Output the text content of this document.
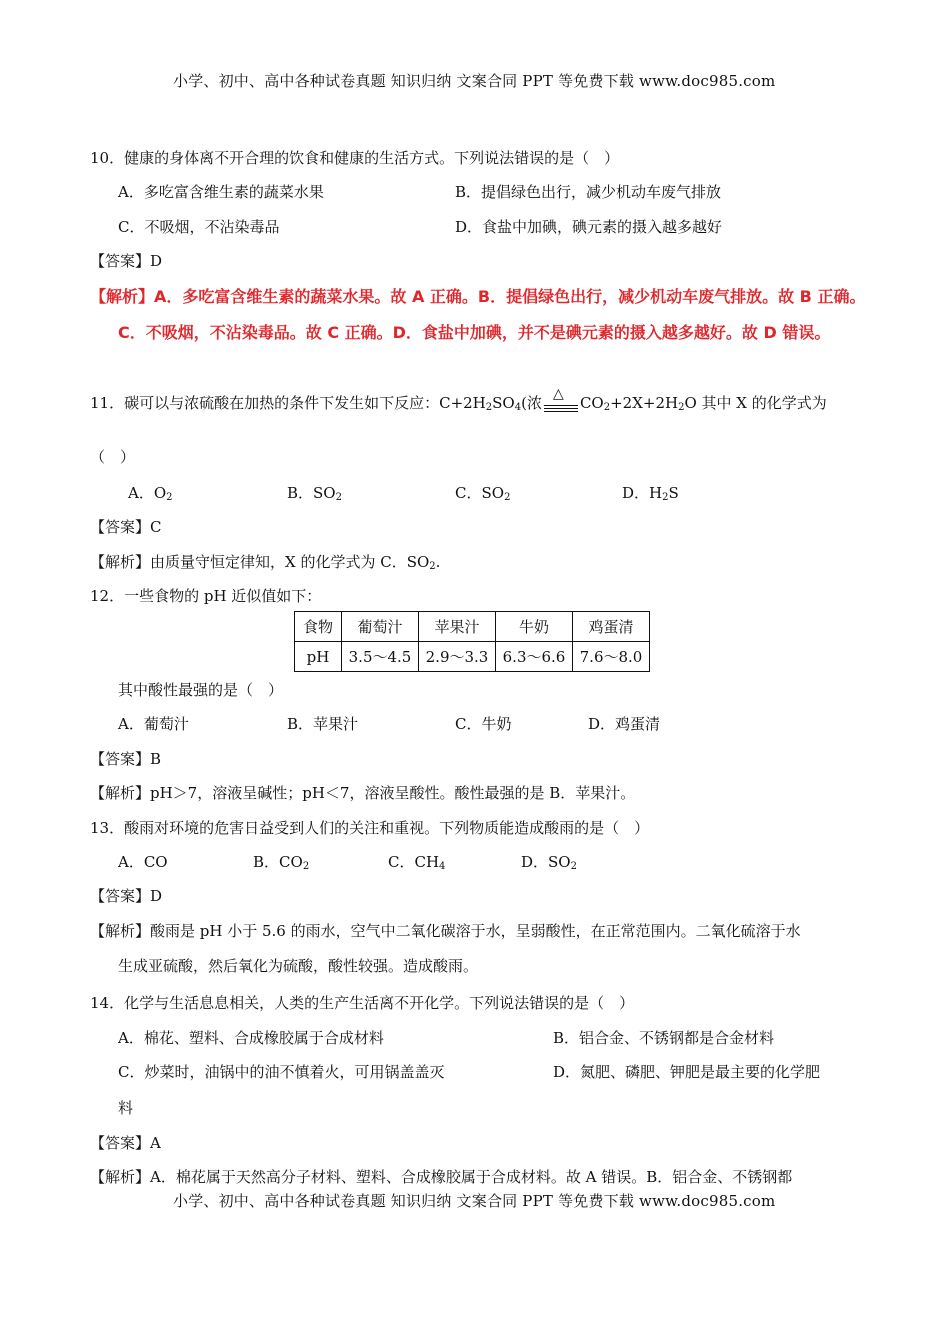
小学、初中、高中各种试卷真题 知识归纳 文案合同 PPT 等免费下载 www.doc985.com
10．健康的身体离不开合理的饮食和健康的生活方式。下列说法错误的是（　）
A．多吃富含维生素的蔬菜水果	B．提倡绿色出行，减少机动车废气排放
C．不吸烟，不沾染毒品	D．食盐中加碘，碘元素的摄入越多越好
【答案】D
【解析】A．多吃富含维生素的蔬菜水果。故 A 正确。B．提倡绿色出行，减少机动车废气排放。故 B 正确。
C．不吸烟，不沾染毒品。故 C 正确。D．食盐中加碘，并不是碘元素的摄入越多越好。故 D 错误。
11．碳可以与浓硫酸在加热的条件下发生如下反应：$C+2H_2SO_4$(浓 △ $CO_2+2X+2H_2O$ 其中 X 的化学式为
（　）
A．$O_2$	B．$SO_2$	C．$SO_2$	D．$H_2S$
【答案】C
【解析】由质量守恒定律知，X 的化学式为 C．$SO_2$.
12．一些食物的 pH 近似值如下：
食物	葡萄汁	苹果汁	牛奶	鸡蛋清
pH	3.5～4.5	2.9～3.3	6.3～6.6	7.6～8.0
其中酸性最强的是（　）
A．葡萄汁	B．苹果汁	C．牛奶	D．鸡蛋清
【答案】B
【解析】pH＞7，溶液呈碱性；pH＜7，溶液呈酸性。酸性最强的是 B．苹果汁。
13．酸雨对环境的危害日益受到人们的关注和重视。下列物质能造成酸雨的是（　）
A．CO	B．$CO_2$	C．$CH_4$	D．$SO_2$
【答案】D
【解析】酸雨是 pH 小于 5.6 的雨水，空气中二氧化碳溶于水，呈弱酸性，在正常范围内。二氧化硫溶于水
生成亚硫酸，然后氧化为硫酸，酸性较强。造成酸雨。
14．化学与生活息息相关，人类的生产生活离不开化学。下列说法错误的是（　）
A．棉花、塑料、合成橡胶属于合成材料	B．铝合金、不锈钢都是合金材料
C．炒菜时，油锅中的油不慎着火，可用锅盖盖灭	D．氮肥、磷肥、钾肥是最主要的化学肥
料
【答案】A
【解析】A．棉花属于天然高分子材料、塑料、合成橡胶属于合成材料。故 A 错误。B．铝合金、不锈钢都
小学、初中、高中各种试卷真题 知识归纳 文案合同 PPT 等免费下载 www.doc985.com
